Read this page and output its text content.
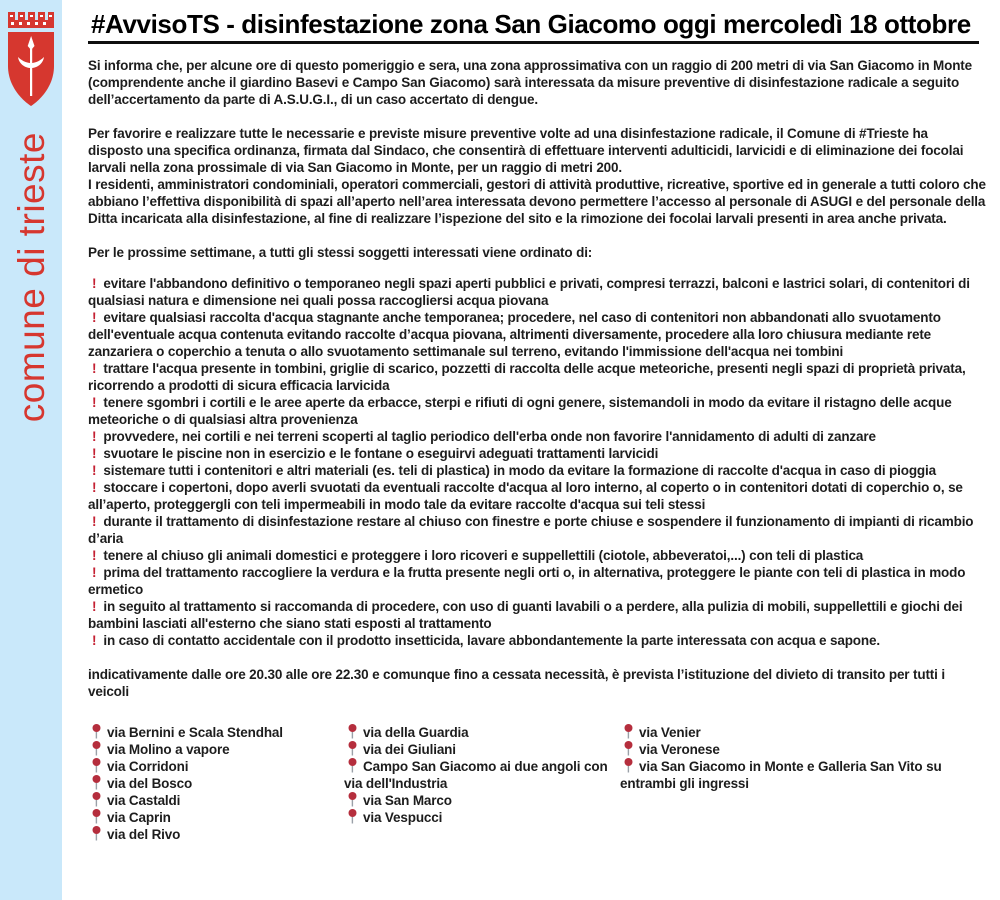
comune di trieste
#AvvisoTS - disinfestazione zona San Giacomo oggi mercoledì 18 ottobre

Si informa che, per alcune ore di questo pomeriggio e sera, una zona approssimativa con un raggio di 200 metri di via San Giacomo in Monte (comprendente anche il giardino Basevi e Campo San Giacomo) sarà interessata da misure preventive di disinfestazione radicale a seguito dell’accertamento da parte di A.S.U.G.I., di un caso accertato di dengue.

Per favorire e realizzare tutte le necessarie e previste misure preventive volte ad una disinfestazione radicale, il Comune di #Trieste ha disposto una specifica ordinanza, firmata dal Sindaco, che consentirà di effettuare interventi adulticidi, larvicidi e di eliminazione dei focolai larvali nella zona prossimale di via San Giacomo in Monte, per un raggio di metri 200.

I residenti, amministratori condominiali, operatori commerciali, gestori di attività produttive, ricreative, sportive ed in generale a tutti coloro che abbiano l’effettiva disponibilità di spazi all’aperto nell’area interessata devono permettere l’accesso al personale di ASUGI e del personale della Ditta incaricata alla disinfestazione, al fine di realizzare l’ispezione del sito e la rimozione dei focolai larvali presenti in area anche privata.

Per le prossime settimane, a tutti gli stessi soggetti interessati viene ordinato di:

! evitare l'abbandono definitivo o temporaneo negli spazi aperti pubblici e privati, compresi terrazzi, balconi e lastrici solari, di contenitori di qualsiasi natura e dimensione nei quali possa raccogliersi acqua piovana

! evitare qualsiasi raccolta d'acqua stagnante anche temporanea; procedere, nel caso di contenitori non abbandonati allo svuotamento dell'eventuale acqua contenuta evitando raccolte d’acqua piovana, altrimenti diversamente, procedere alla loro chiusura mediante rete zanzariera o coperchio a tenuta o allo svuotamento settimanale sul terreno, evitando l'immissione dell'acqua nei tombini

! trattare l'acqua presente in tombini, griglie di scarico, pozzetti di raccolta delle acque meteoriche, presenti negli spazi di proprietà privata, ricorrendo a prodotti di sicura efficacia larvicida

! tenere sgombri i cortili e le aree aperte da erbacce, sterpi e rifiuti di ogni genere, sistemandoli in modo da evitare il ristagno delle acque meteoriche o di qualsiasi altra provenienza

! provvedere, nei cortili e nei terreni scoperti al taglio periodico dell'erba onde non favorire l'annidamento di adulti di zanzare

! svuotare le piscine non in esercizio e le fontane o eseguirvi adeguati trattamenti larvicidi

! sistemare tutti i contenitori e altri materiali (es. teli di plastica) in modo da evitare la formazione di raccolte d'acqua in caso di pioggia

! stoccare i copertoni, dopo averli svuotati da eventuali raccolte d'acqua al loro interno, al coperto o in contenitori dotati di coperchio o, se all’aperto, proteggergli con teli impermeabili in modo tale da evitare raccolte d'acqua sui teli stessi

! durante il trattamento di disinfestazione restare al chiuso con finestre e porte chiuse e sospendere il funzionamento di impianti di ricambio d’aria

! tenere al chiuso gli animali domestici e proteggere i loro ricoveri e suppellettili (ciotole, abbeveratoi,...) con teli di plastica

! prima del trattamento raccogliere la verdura e la frutta presente negli orti o, in alternativa, proteggere le piante con teli di plastica in modo ermetico

! in seguito al trattamento si raccomanda di procedere, con uso di guanti lavabili o a perdere, alla pulizia di mobili, suppellettili e giochi dei bambini lasciati all'esterno che siano stati esposti al trattamento

! in caso di contatto accidentale con il prodotto insetticida, lavare abbondantemente la parte interessata con acqua e sapone.

indicativamente dalle ore 20.30 alle ore 22.30 e comunque fino a cessata necessità, è prevista l’istituzione del divieto di transito per tutti i veicoli

via Bernini e Scala Stendhal

via Molino a vapore

via Corridoni

via del Bosco

via Castaldi

via Caprin

via del Rivo

via della Guardia

via dei Giuliani

Campo San Giacomo ai due angoli con via dell'Industria

via San Marco

via Vespucci

via Venier

via Veronese

via San Giacomo in Monte e Galleria San Vito su entrambi gli ingressi
